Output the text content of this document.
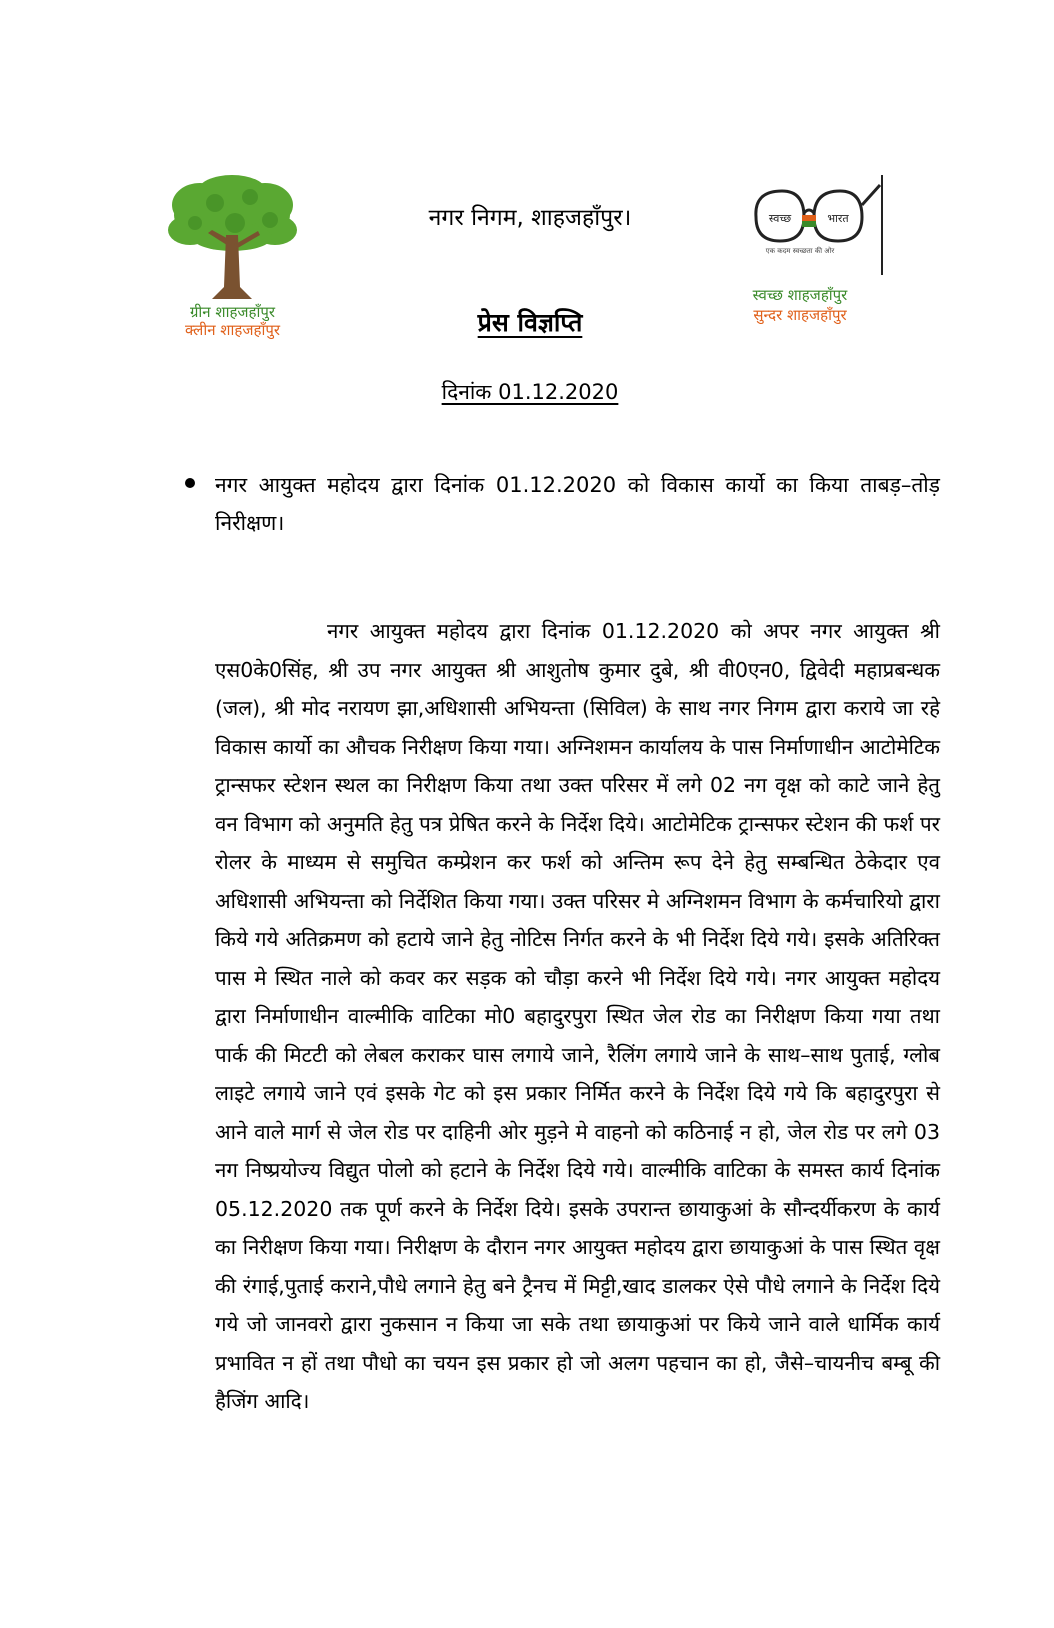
ग्रीन शाहजहाँपुर
क्लीन शाहजहाँपुर
नगर निगम, शाहजहाँपुर।
प्रेस विज्ञप्ति
दिनांक 01.12.2020
स्वच्छ	भारत
एक कदम स्वच्छता की ओर
स्वच्छ शाहजहाँपुर
सुन्दर शाहजहाँपुर
नगर आयुक्त महोदय द्वारा दिनांक 01.12.2020 को विकास कार्यो का किया ताबड़–तोड़ निरीक्षण।
नगर आयुक्त महोदय द्वारा दिनांक 01.12.2020 को अपर नगर आयुक्त श्री एस0के0सिंह, श्री उप नगर आयुक्त श्री आशुतोष कुमार दुबे, श्री वी0एन0, द्विवेदी महाप्रबन्धक (जल), श्री मोद नरायण झा,अधिशासी अभियन्ता (सिविल) के साथ नगर निगम द्वारा कराये जा रहे विकास कार्यो का औचक निरीक्षण किया गया। अग्निशमन कार्यालय के पास निर्माणाधीन आटोमेटिक ट्रान्सफर स्टेशन स्थल का निरीक्षण किया तथा उक्त परिसर में लगे 02 नग वृक्ष को काटे जाने हेतु वन विभाग को अनुमति हेतु पत्र प्रेषित करने के निर्देश दिये। आटोमेटिक ट्रान्सफर स्टेशन की फर्श पर रोलर के माध्यम से समुचित कम्प्रेशन कर फर्श को अन्तिम रूप देने हेतु सम्बन्धित ठेकेदार एव अधिशासी अभियन्ता को निर्देशित किया गया। उक्त परिसर मे अग्निशमन विभाग के कर्मचारियो द्वारा किये गये अतिक्रमण को हटाये जाने हेतु नोटिस निर्गत करने के भी निर्देश दिये गये। इसके अतिरिक्त पास मे स्थित नाले को कवर कर सड़क को चौड़ा करने भी निर्देश दिये गये। नगर आयुक्त महोदय द्वारा निर्माणाधीन वाल्मीकि वाटिका मो0 बहादुरपुरा स्थित जेल रोड का निरीक्षण किया गया तथा पार्क की मिटटी को लेबल कराकर घास लगाये जाने, रैलिंग लगाये जाने के साथ–साथ पुताई, ग्लोब लाइटे लगाये जाने एवं इसके गेट को इस प्रकार निर्मित करने के निर्देश दिये गये कि बहादुरपुरा से आने वाले मार्ग से जेल रोड पर दाहिनी ओर मुड़ने मे वाहनो को कठिनाई न हो, जेल रोड पर लगे 03 नग निष्प्रयोज्य विद्युत पोलो को हटाने के निर्देश दिये गये। वाल्मीकि वाटिका के समस्त कार्य दिनांक 05.12.2020 तक पूर्ण करने के निर्देश दिये। इसके उपरान्त छायाकुआं के सौन्दर्यीकरण के कार्य का निरीक्षण किया गया। निरीक्षण के दौरान नगर आयुक्त महोदय द्वारा छायाकुआं के पास स्थित वृक्ष की रंगाई,पुताई कराने,पौधे लगाने हेतु बने ट्रैनच में मिट्टी,खाद डालकर ऐसे पौधे लगाने के निर्देश दिये गये जो जानवरो द्वारा नुकसान न किया जा सके तथा छायाकुआं पर किये जाने वाले धार्मिक कार्य प्रभावित न हों तथा पौधो का चयन इस प्रकार हो जो अलग पहचान का हो, जैसे–चायनीच बम्बू की हैजिंग आदि।
